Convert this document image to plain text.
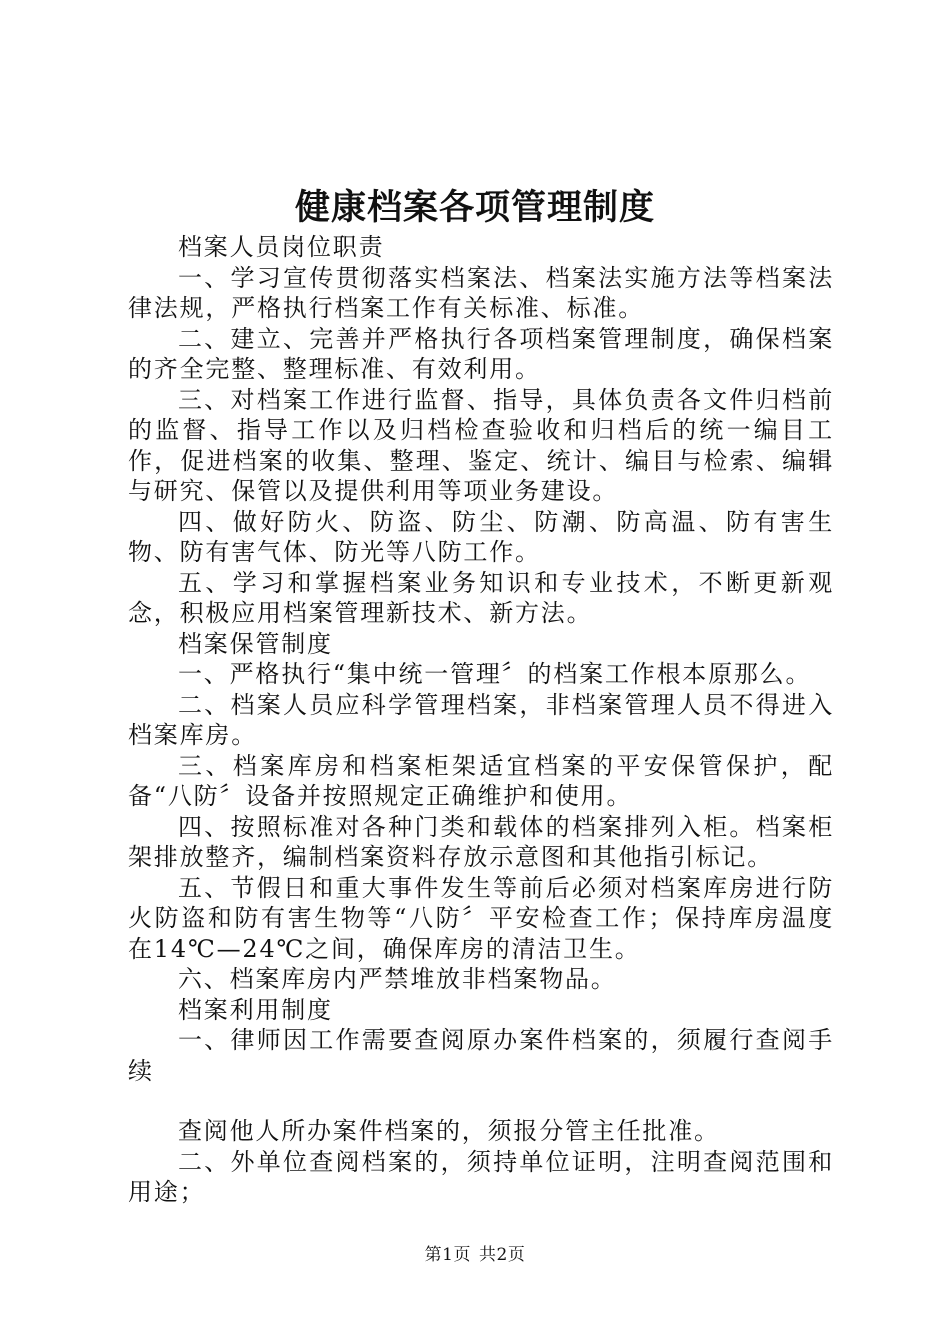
健康档案各项管理制度

档案人员岗位职责

一、学习宣传贯彻落实档案法、档案法实施方法等档案法律法规，严格执行档案工作有关标准、标准。

二、建立、完善并严格执行各项档案管理制度，确保档案的齐全完整、整理标准、有效利用。

三、对档案工作进行监督、指导，具体负责各文件归档前的监督、指导工作以及归档检查验收和归档后的统一编目工作，促进档案的收集、整理、鉴定、统计、编目与检索、编辑与研究、保管以及提供利用等项业务建设。

四、做好防火、防盗、防尘、防潮、防高温、防有害生物、防有害气体、防光等八防工作。

五、学习和掌握档案业务知识和专业技术，不断更新观念，积极应用档案管理新技术、新方法。

档案保管制度

一、严格执行“集中统一管理〞的档案工作根本原那么。

二、档案人员应科学管理档案，非档案管理人员不得进入档案库房。

三、档案库房和档案柜架适宜档案的平安保管保护，配备“八防〞设备并按照规定正确维护和使用。

四、按照标准对各种门类和载体的档案排列入柜。档案柜架排放整齐，编制档案资料存放示意图和其他指引标记。

五、节假日和重大事件发生等前后必须对档案库房进行防火防盗和防有害生物等“八防〞平安检查工作；保持库房温度在14℃—24℃之间，确保库房的清洁卫生。

六、档案库房内严禁堆放非档案物品。

档案利用制度

一、律师因工作需要查阅原办案件档案的，须履行查阅手续

查阅他人所办案件档案的，须报分管主任批准。

二、外单位查阅档案的，须持单位证明，注明查阅范围和用途；

第1页 共2页
